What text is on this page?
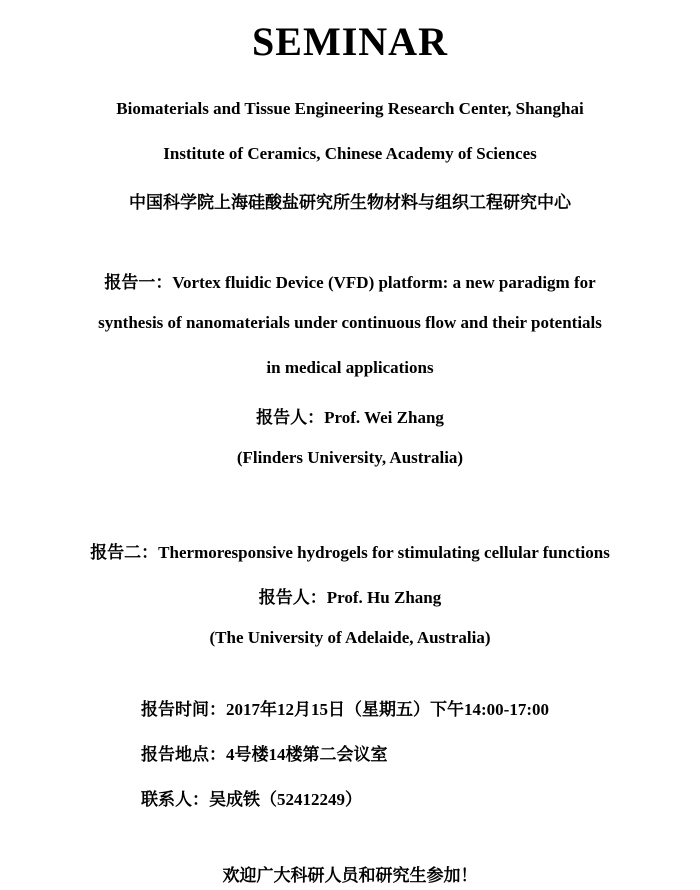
SEMINAR
Biomaterials and Tissue Engineering Research Center, Shanghai
Institute of Ceramics, Chinese Academy of Sciences
中国科学院上海硅酸盐研究所生物材料与组织工程研究中心
报告一：Vortex fluidic Device (VFD) platform: a new paradigm for
synthesis of nanomaterials under continuous flow and their potentials
in medical applications
报告人：Prof. Wei Zhang
(Flinders University, Australia)
报告二：Thermoresponsive hydrogels for stimulating cellular functions
报告人：Prof. Hu Zhang
(The University of Adelaide, Australia)
报告时间：2017年12月15日（星期五）下午14:00-17:00
报告地点：4号楼14楼第二会议室
联系人：吴成铁（52412249）
欢迎广大科研人员和研究生参加！
